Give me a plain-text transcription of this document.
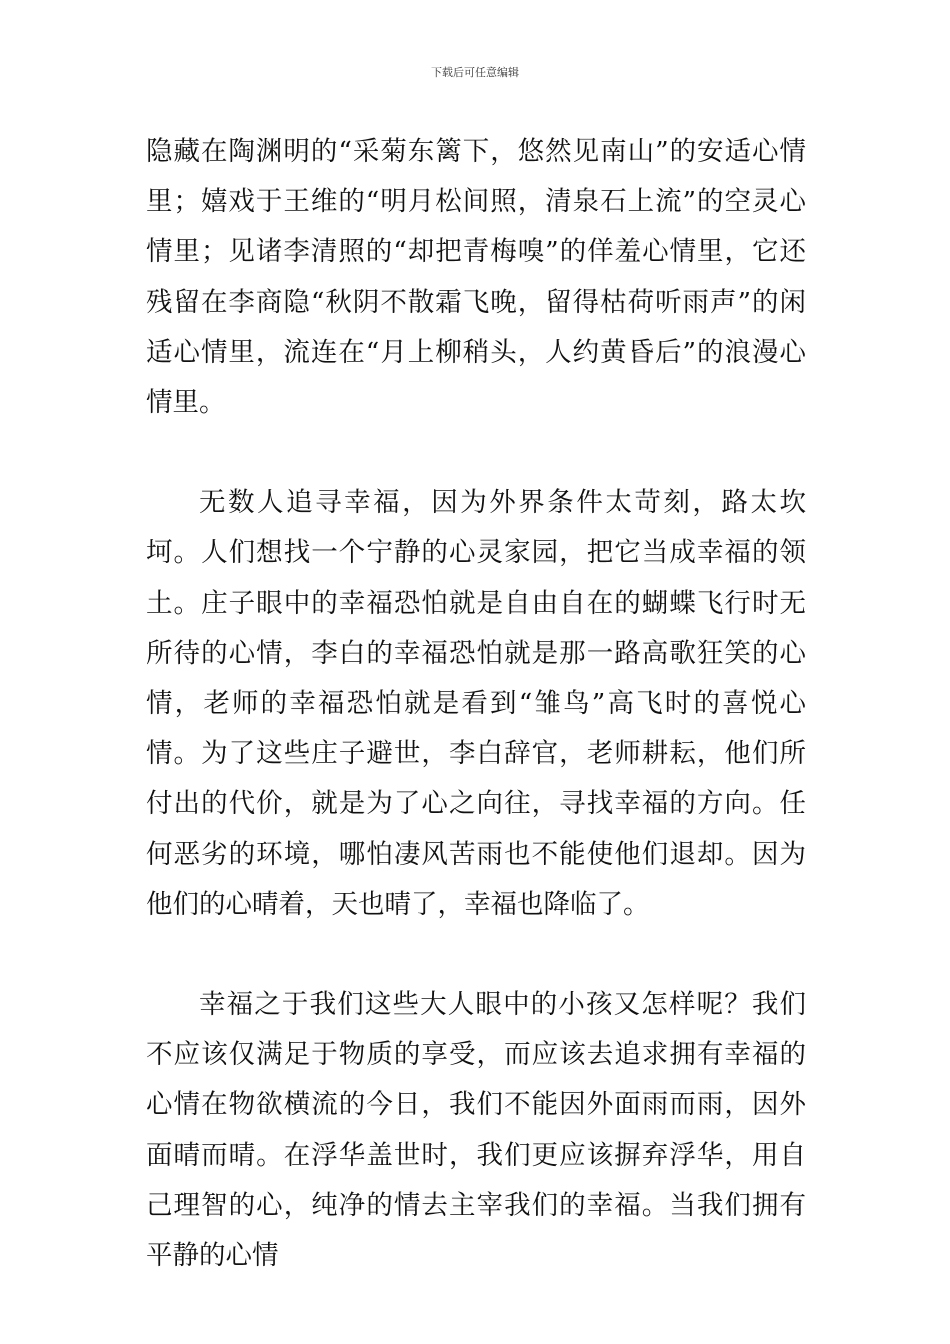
下载后可任意编辑

隐藏在陶渊明的“采菊东篱下，悠然见南山”的安适心情里；嬉戏于王维的“明月松间照，清泉石上流”的空灵心情里；见诸李清照的“却把青梅嗅”的佯羞心情里，它还残留在李商隐“秋阴不散霜飞晚，留得枯荷听雨声”的闲适心情里，流连在“月上柳稍头，人约黄昏后”的浪漫心情里。

无数人追寻幸福，因为外界条件太苛刻，路太坎坷。人们想找一个宁静的心灵家园，把它当成幸福的领土。庄子眼中的幸福恐怕就是自由自在的蝴蝶飞行时无所待的心情，李白的幸福恐怕就是那一路高歌狂笑的心情，老师的幸福恐怕就是看到“雏鸟”高飞时的喜悦心情。为了这些庄子避世，李白辞官，老师耕耘，他们所付出的代价，就是为了心之向往，寻找幸福的方向。任何恶劣的环境，哪怕凄风苦雨也不能使他们退却。因为他们的心晴着，天也晴了，幸福也降临了。

幸福之于我们这些大人眼中的小孩又怎样呢？我们不应该仅满足于物质的享受，而应该去追求拥有幸福的心情在物欲横流的今日，我们不能因外面雨而雨，因外面晴而晴。在浮华盖世时，我们更应该摒弃浮华，用自己理智的心，纯净的情去主宰我们的幸福。当我们拥有平静的心情
